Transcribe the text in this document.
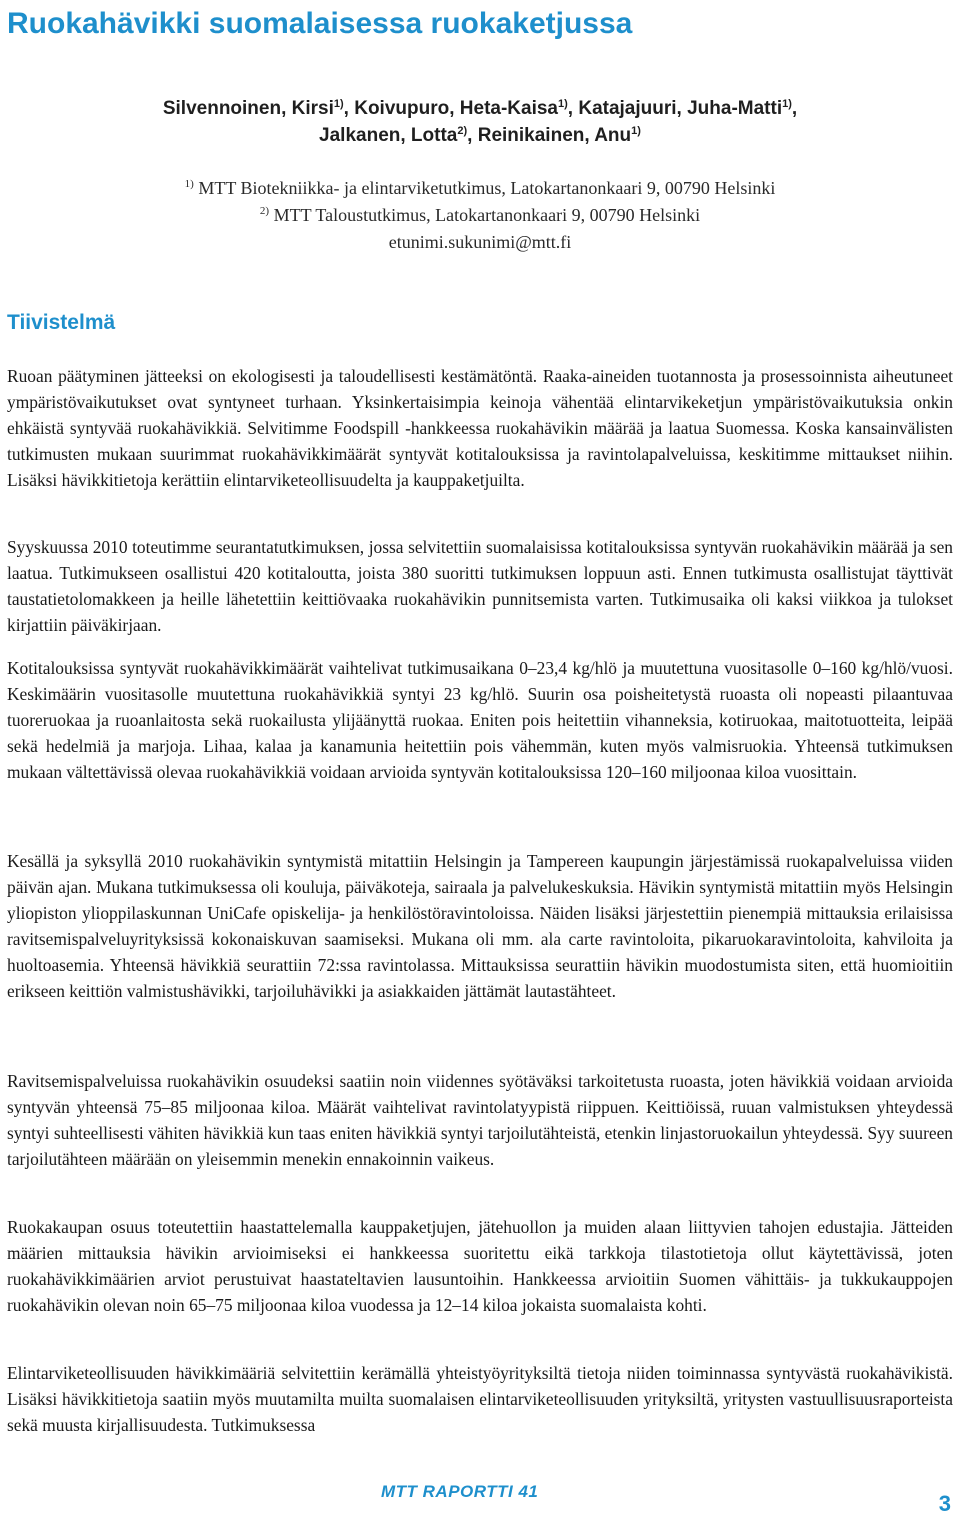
Ruokahävikki suomalaisessa ruokaketjussa
Silvennoinen, Kirsi$^{1)}$, Koivupuro, Heta-Kaisa$^{1)}$, Katajajuuri, Juha-Matti$^{1)}$,
Jalkanen, Lotta$^{2)}$, Reinikainen, Anu$^{1)}$
$^{1)}$ MTT Biotekniikka- ja elintarviketutkimus, Latokartanonkaari 9, 00790 Helsinki
$^{2)}$ MTT Taloustutkimus, Latokartanonkaari 9, 00790 Helsinki
etunimi.sukunimi@mtt.fi
Tiivistelmä

Ruoan päätyminen jätteeksi on ekologisesti ja taloudellisesti kestämätöntä. Raaka-aineiden tuotannosta ja prosessoinnista aiheutuneet ympäristövaikutukset ovat syntyneet turhaan. Yksinkertaisimpia keinoja vähentää elintarvikeketjun ympäristövaikutuksia onkin ehkäistä syntyvää ruokahävikkiä. Selvitimme Foodspill -hankkeessa ruokahävikin määrää ja laatua Suomessa. Koska kansainvälisten tutkimusten mukaan suurimmat ruokahävikkimäärät syntyvät kotitalouksissa ja ravintolapalveluissa, keskitimme mittaukset niihin. Lisäksi hävikkitietoja kerättiin elintarviketeollisuudelta ja kauppaketjuilta.

Syyskuussa 2010 toteutimme seurantatutkimuksen, jossa selvitettiin suomalaisissa kotitalouksissa syntyvän ruokahävikin määrää ja sen laatua. Tutkimukseen osallistui 420 kotitaloutta, joista 380 suoritti tutkimuksen loppuun asti. Ennen tutkimusta osallistujat täyttivät taustatietolomakkeen ja heille lähetettiin keittiövaaka ruokahävikin punnitsemista varten. Tutkimusaika oli kaksi viikkoa ja tulokset kirjattiin päiväkirjaan.

Kotitalouksissa syntyvät ruokahävikkimäärät vaihtelivat tutkimusaikana 0–23,4 kg/hlö ja muutettuna vuositasolle 0–160 kg/hlö/vuosi. Keskimäärin vuositasolle muutettuna ruokahävikkiä syntyi 23 kg/hlö. Suurin osa poisheitetystä ruoasta oli nopeasti pilaantuvaa tuoreruokaa ja ruoanlaitosta sekä ruokailusta ylijäänyttä ruokaa. Eniten pois heitettiin vihanneksia, kotiruokaa, maitotuotteita, leipää sekä hedelmiä ja marjoja. Lihaa, kalaa ja kanamunia heitettiin pois vähemmän, kuten myös valmisruokia. Yhteensä tutkimuksen mukaan vältettävissä olevaa ruokahävikkiä voidaan arvioida syntyvän kotitalouksissa 120–160 miljoonaa kiloa vuosittain.

Kesällä ja syksyllä 2010 ruokahävikin syntymistä mitattiin Helsingin ja Tampereen kaupungin järjestämissä ruokapalveluissa viiden päivän ajan. Mukana tutkimuksessa oli kouluja, päiväkoteja, sairaala ja palvelukeskuksia. Hävikin syntymistä mitattiin myös Helsingin yliopiston ylioppilaskunnan UniCafe opiskelija- ja henkilöstöravintoloissa. Näiden lisäksi järjestettiin pienempiä mittauksia erilaisissa ravitsemispalveluyrityksissä kokonaiskuvan saamiseksi. Mukana oli mm. ala carte ravintoloita, pikaruokaravintoloita, kahviloita ja huoltoasemia. Yhteensä hävikkiä seurattiin 72:ssa ravintolassa. Mittauksissa seurattiin hävikin muodostumista siten, että huomioitiin erikseen keittiön valmistushävikki, tarjoiluhävikki ja asiakkaiden jättämät lautastähteet.

Ravitsemispalveluissa ruokahävikin osuudeksi saatiin noin viidennes syötäväksi tarkoitetusta ruoasta, joten hävikkiä voidaan arvioida syntyvän yhteensä 75–85 miljoonaa kiloa. Määrät vaihtelivat ravintolatyypistä riippuen. Keittiöissä, ruuan valmistuksen yhteydessä syntyi suhteellisesti vähiten hävikkiä kun taas eniten hävikkiä syntyi tarjoilutähteistä, etenkin linjastoruokailun yhteydessä. Syy suureen tarjoilutähteen määrään on yleisemmin menekin ennakoinnin vaikeus.

Ruokakaupan osuus toteutettiin haastattelemalla kauppaketjujen, jätehuollon ja muiden alaan liittyvien tahojen edustajia. Jätteiden määrien mittauksia hävikin arvioimiseksi ei hankkeessa suoritettu eikä tarkkoja tilastotietoja ollut käytettävissä, joten ruokahävikkimäärien arviot perustuivat haastateltavien lausuntoihin. Hankkeessa arvioitiin Suomen vähittäis- ja tukkukauppojen ruokahävikin olevan noin 65–75 miljoonaa kiloa vuodessa ja 12–14 kiloa jokaista suomalaista kohti.

Elintarviketeollisuuden hävikkimääriä selvitettiin kerämällä yhteistyöyrityksiltä tietoja niiden toiminnassa syntyvästä ruokahävikistä. Lisäksi hävikkitietoja saatiin myös muutamilta muilta suomalaisen elintarviketeollisuuden yrityksiltä, yritysten vastuullisuusraporteista sekä muusta kirjallisuudesta. Tutkimuksessa

MTT RAPORTTI 41	3
